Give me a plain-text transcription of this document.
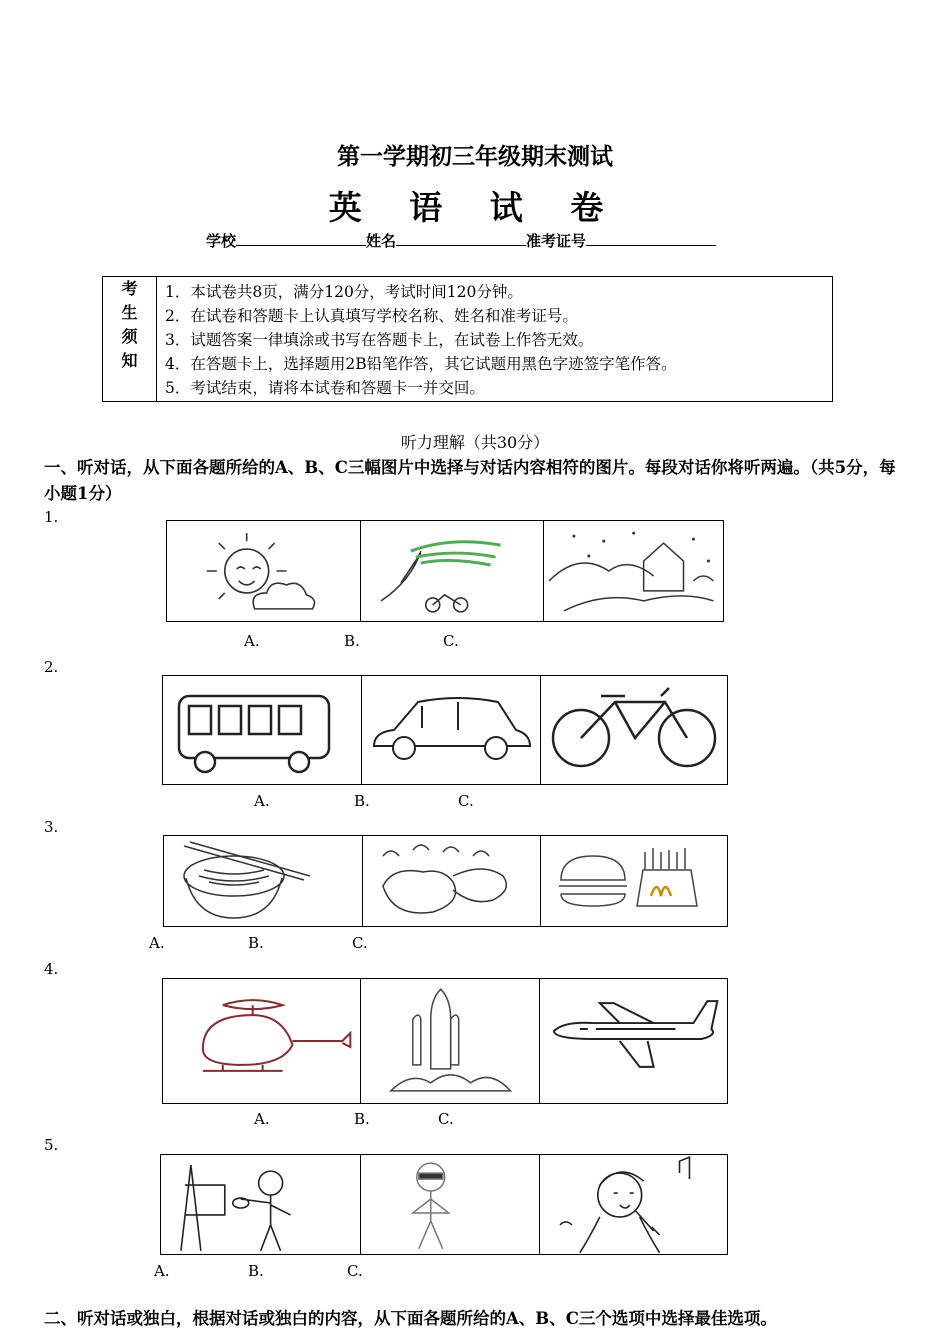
第一学期初三年级期末测试
英 语 试 卷
学校	姓名	准考证号
考
生
须
知
1．本试卷共8页，满分120分，考试时间120分钟。
2．在试卷和答题卡上认真填写学校名称、姓名和准考证号。
3．试题答案一律填涂或书写在答题卡上，在试卷上作答无效。
4．在答题卡上，选择题用2B铅笔作答，其它试题用黑色字迹签字笔作答。
5．考试结束，请将本试卷和答题卡一并交回。
听力理解（共30分）
一、听对话，从下面各题所给的A、B、C三幅图片中选择与对话内容相符的图片。每段对话你将听两遍。（共5分，每小题1分）
1.
A.	B.	C.
2.
A.	B.	C.
3.
A.	B.	C.
4.
A.	B.	C.
5.
A.	B.	C.
二、听对话或独白，根据对话或独白的内容，从下面各题所给的A、B、C三个选项中选择最佳选项。
